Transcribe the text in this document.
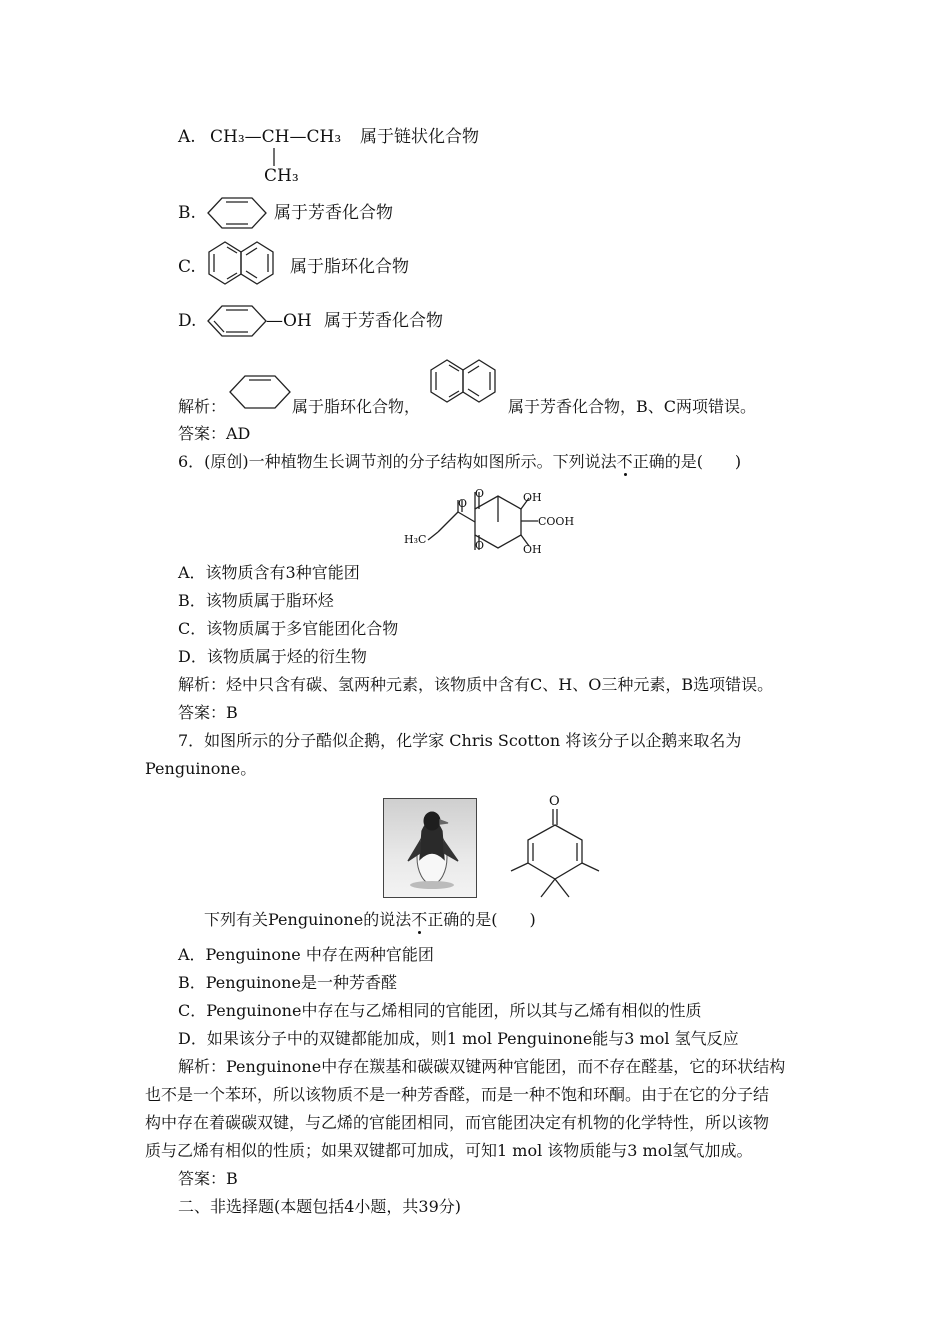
A. CH₃—CH—CH₃
CH₃
属于链状化合物
B.	属于芳香化合物
C.	属于脂环化合物
D.	—OH 属于芳香化合物
解析：	属于脂环化合物，	属于芳香化合物，B、C两项错误。
答案：AD
6．(原创)一种植物生长调节剂的分子结构如图所示。下列说法不正确的是(　　)
O
O
O	OH
COOH
OH
H₃C
A．该物质含有3种官能团
B．该物质属于脂环烃
C．该物质属于多官能团化合物
D．该物质属于烃的衍生物
解析：烃中只含有碳、氢两种元素，该物质中含有C、H、O三种元素，B选项错误。
答案：B
7．如图所示的分子酷似企鹅，化学家 Chris Scotton 将该分子以企鹅来取名为
Penguinone。
O
下列有关Penguinone的说法不正确的是(　　)
A．Penguinone 中存在两种官能团
B．Penguinone是一种芳香醛
C．Penguinone中存在与乙烯相同的官能团，所以其与乙烯有相似的性质
D．如果该分子中的双键都能加成，则1 mol Penguinone能与3 mol 氢气反应
解析：Penguinone中存在羰基和碳碳双键两种官能团，而不存在醛基，它的环状结构
也不是一个苯环，所以该物质不是一种芳香醛，而是一种不饱和环酮。由于在它的分子结
构中存在着碳碳双键，与乙烯的官能团相同，而官能团决定有机物的化学特性，所以该物
质与乙烯有相似的性质；如果双键都可加成，可知1 mol 该物质能与3 mol氢气加成。
答案：B
二、非选择题(本题包括4小题，共39分)
